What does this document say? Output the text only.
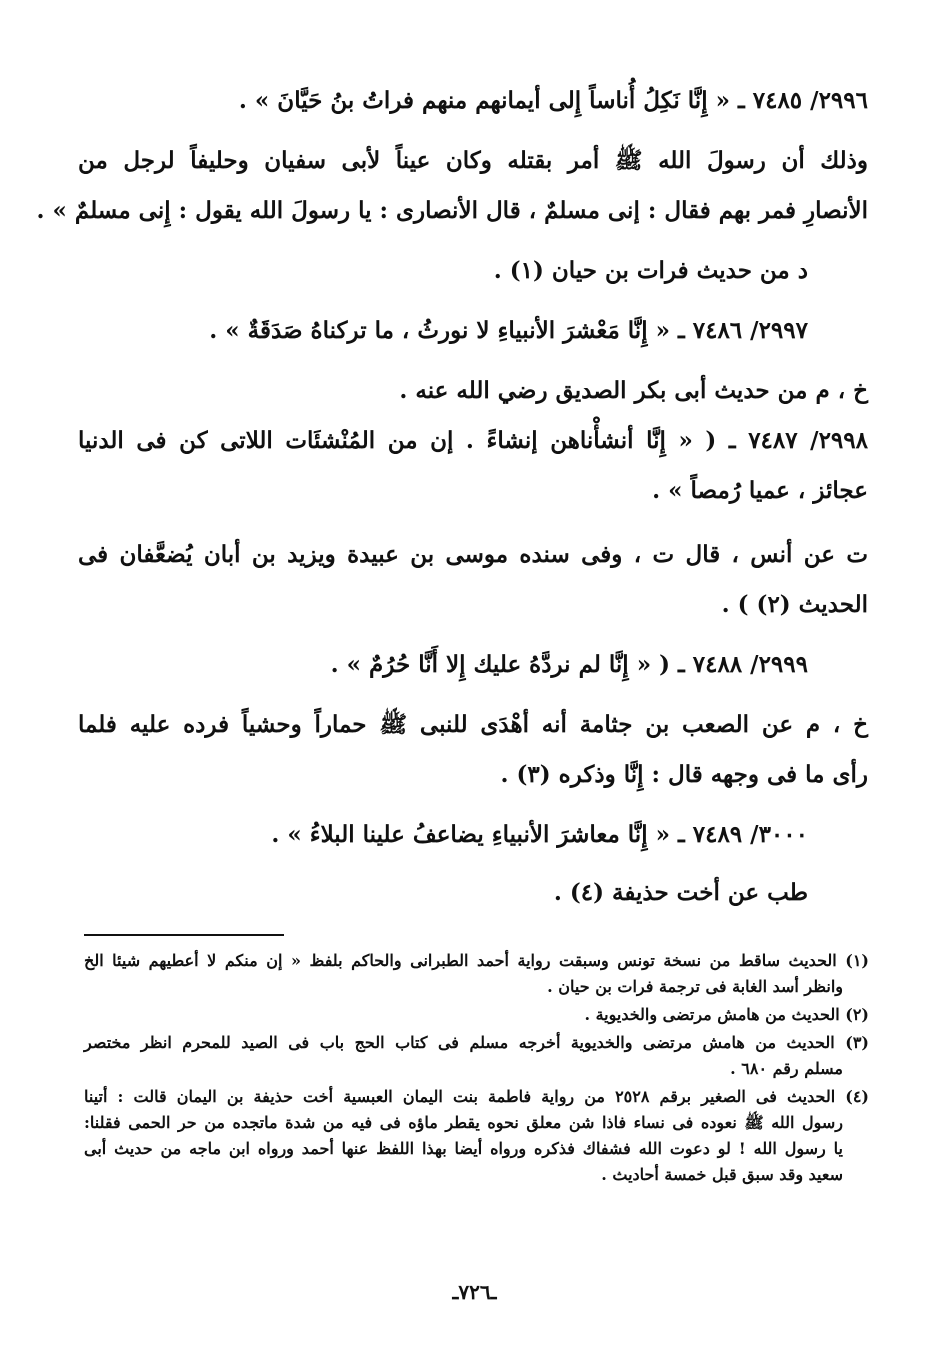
٢٩٩٦/ ٧٤٨٥ ـ « إِنَّا نَكِلُ أُناساً إِلى أيمانهم منهم فراتُ بنُ حَيَّانَ » .
وذلك أن رسولَ الله ﷺ أمر بقتله وكان عيناً لأبى سفيان وحليفاً لرجل من
الأنصارِ فمر بهم فقال : إنى مسلمٌ ، قال الأنصارى : يا رسولَ الله يقول : إِنى مسلمٌ » .
د من حديث فرات بن حيان (١) .
٢٩٩٧/ ٧٤٨٦ ـ « إِنَّا مَعْشرَ الأنبياءِ لا نورثُ ، ما تركناهُ صَدَقَةٌ » .
خ ، م من حديث أبى بكر الصديق رضي الله عنه .
٢٩٩٨/ ٧٤٨٧ ـ ( « إِنَّا أنشأْناهن إنشاءً . إن من المُنْشئَات اللاتى كن فى الدنيا
عجائز ، عميا رُمصاً » .
ت عن أنس ، قال ت ، وفى سنده موسى بن عبيدة ويزيد بن أبان يُضعَّفان فى
الحديث (٢) ) .
٢٩٩٩/ ٧٤٨٨ ـ ( « إِنَّا لم نردَّهُ عليك إِلا أَنَّا حُرُمٌ » .
خ ، م عن الصعب بن جثامة أنه أهْدَى للنبى ﷺ حماراً وحشياً فرده عليه فلما
رأى ما فى وجهه قال : إِنَّا وذكره (٣) .
٣٠٠٠/ ٧٤٨٩ ـ « إِنَّا معاشرَ الأنبياءِ يضاعفُ علينا البلاءُ » .
طب عن أخت حذيفة (٤) .
(١) الحديث ساقط من نسخة تونس وسبقت رواية أحمد الطبرانى والحاكم بلفظ « إن منكم لا أعطيهم شيئا الخ
وانظر أسد الغابة فى ترجمة فرات بن حيان .
(٢) الحديث من هامش مرتضى والخديوية .
(٣) الحديث من هامش مرتضى والخديوية أخرجه مسلم فى كتاب الحج باب فى الصيد للمحرم انظر مختصر
مسلم رقم ٦٨٠ .
(٤) الحديث فى الصغير برقم ٢٥٢٨ من رواية فاطمة بنت اليمان العبسية أخت حذيفة بن اليمان قالت : أتينا
رسول الله ﷺ نعوده فى نساء فاذا شن معلق نحوه يقطر ماؤه فى فيه من شدة ماتجده من حر الحمى فقلنا:
يا رسول الله ! لو دعوت الله فشفاك فذكره ورواه أيضا بهذا اللفظ عنها أحمد ورواه ابن ماجه من حديث أبى
سعيد وقد سبق قبل خمسة أحاديث .
ـ٧٢٦ـ
